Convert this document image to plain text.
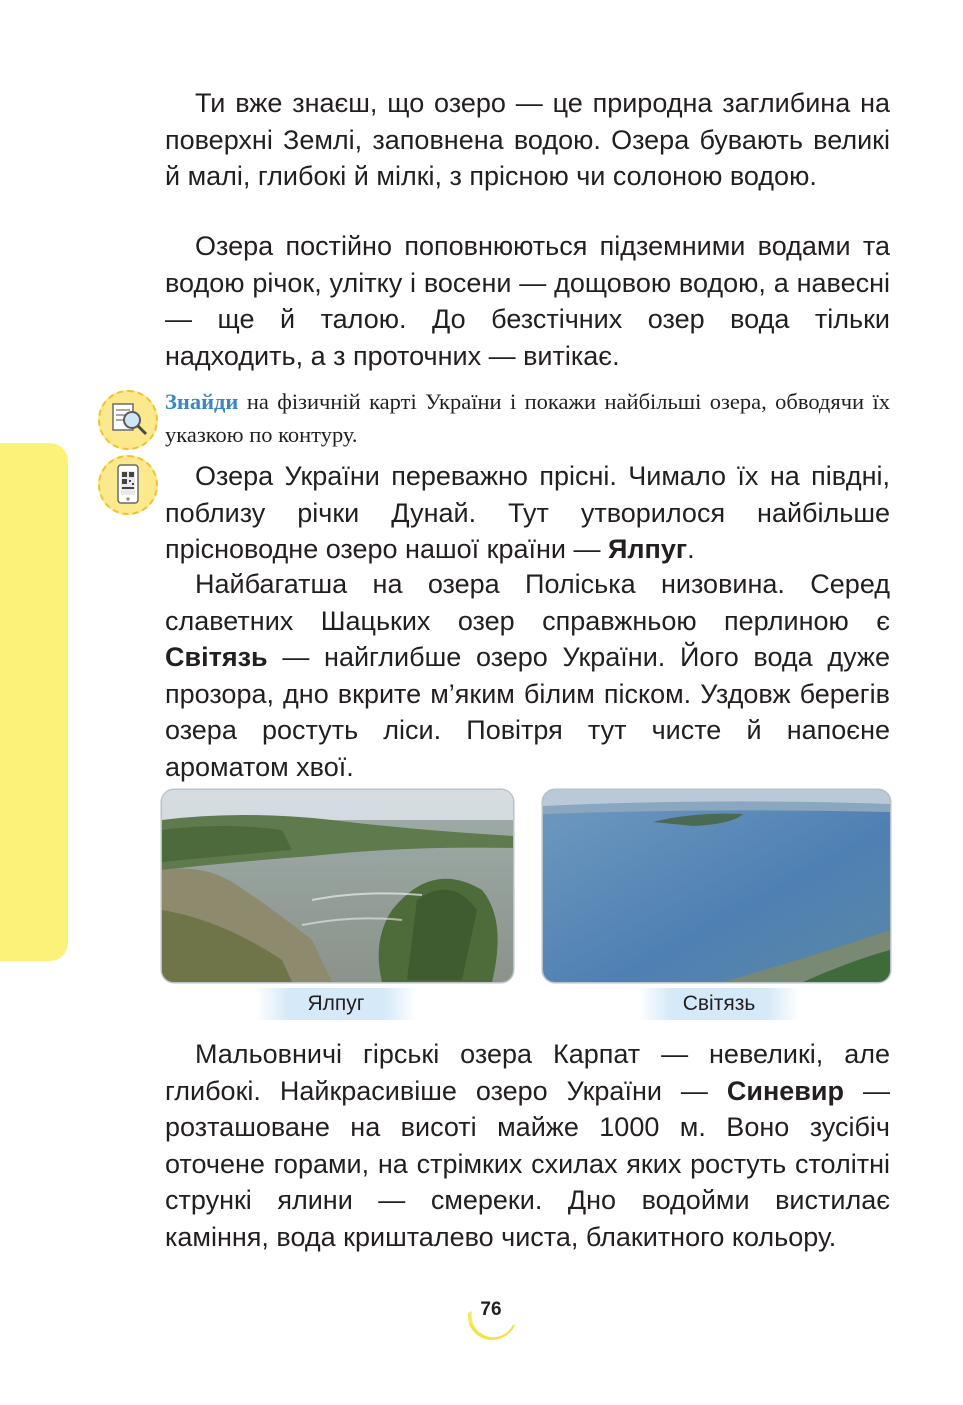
Ти вже знаєш, що озеро — це природна заглибина на поверхні Землі, заповнена водою. Озера бувають великі й малі, глибокі й мілкі, з прісною чи солоною водою.

Озера постійно поповнюються підземними водами та водою річок, улітку і восени — дощовою водою, а навесні — ще й талою. До безстічних озер вода тільки надходить, а з проточних — витікає.

Знайди на фізичній карті України і покажи найбільші озера, обводячи їх указкою по контуру.

Озера України переважно прісні. Чимало їх на півдні, поблизу річки Дунай. Тут утворилося найбільше прісноводне озеро нашої країни — Ялпуг.

Найбагатша на озера Поліська низовина. Серед славетних Шацьких озер справжньою перлиною є Світязь — найглибше озеро України. Його вода дуже прозора, дно вкрите м’яким білим піском. Уздовж берегів озера ростуть ліси. Повітря тут чисте й напоєне ароматом хвої.

Ялпуг	Світязь

Мальовничі гірські озера Карпат — невеликі, але глибокі. Найкрасивіше озеро України — Синевир — розташоване на висоті майже 1000 м. Воно зусібіч оточене горами, на стрімких схилах яких ростуть столітні стрункі ялини — смереки. Дно водойми вистилає каміння, вода кришталево чиста, блакитного кольору.

76
